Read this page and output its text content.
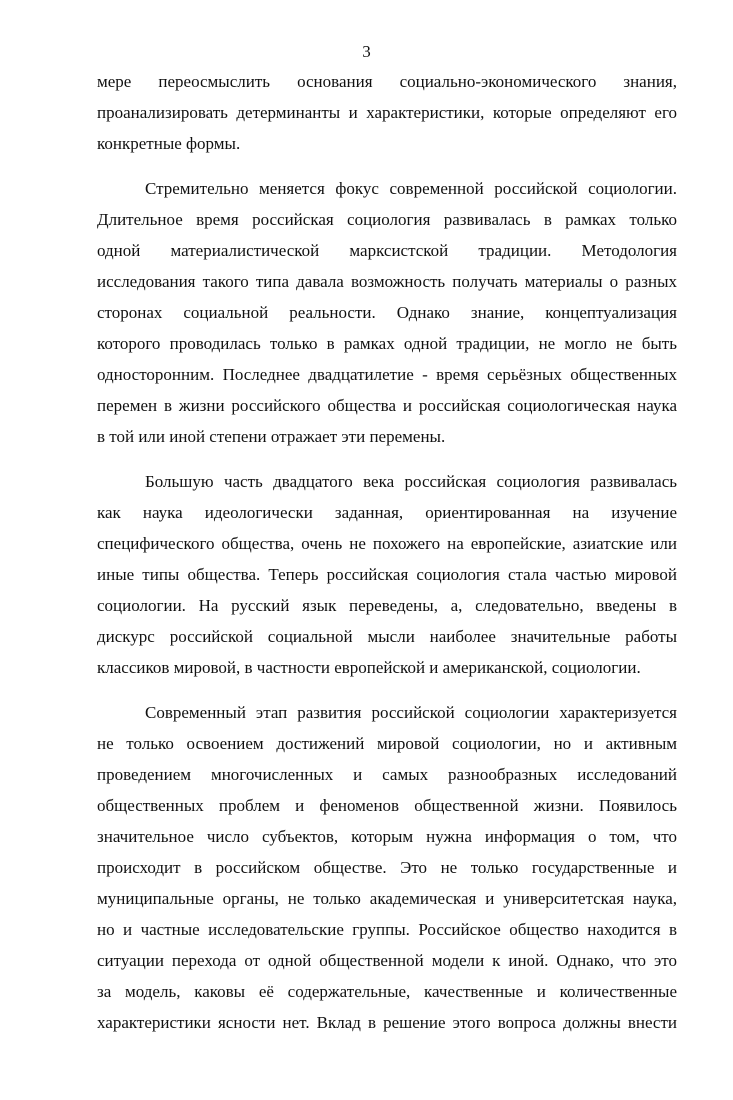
3
мере переосмыслить основания социально-экономического знания,
проанализировать детерминанты и характеристики, которые определяют его
конкретные формы.
Стремительно меняется фокус современной российской социологии.
Длительное время российская социология развивалась в рамках только
одной материалистической марксистской традиции. Методология
исследования такого типа давала возможность получать материалы о разных
сторонах социальной реальности. Однако знание, концептуализация
которого проводилась только в рамках одной традиции, не могло не быть
односторонним. Последнее двадцатилетие - время серьёзных общественных
перемен в жизни российского общества и российская социологическая наука
в той или иной степени отражает эти перемены.
Большую часть двадцатого века российская социология развивалась
как наука идеологически заданная, ориентированная на изучение
специфического общества, очень не похожего на европейские, азиатские или
иные типы общества. Теперь российская социология стала частью мировой
социологии. На русский язык переведены, а, следовательно, введены в
дискурс российской социальной мысли наиболее значительные работы
классиков мировой, в частности европейской и американской, социологии.
Современный этап развития российской социологии характеризуется
не только освоением достижений мировой социологии, но и активным
проведением многочисленных и самых разнообразных исследований
общественных проблем и феноменов общественной жизни. Появилось
значительное число субъектов, которым нужна информация о том, что
происходит в российском обществе. Это не только государственные и
муниципальные органы, не только академическая и университетская наука,
но и частные исследовательские группы. Российское общество находится в
ситуации перехода от одной общественной модели к иной. Однако, что это
за модель, каковы её содержательные, качественные и количественные
характеристики ясности нет. Вклад в решение этого вопроса должны внести
